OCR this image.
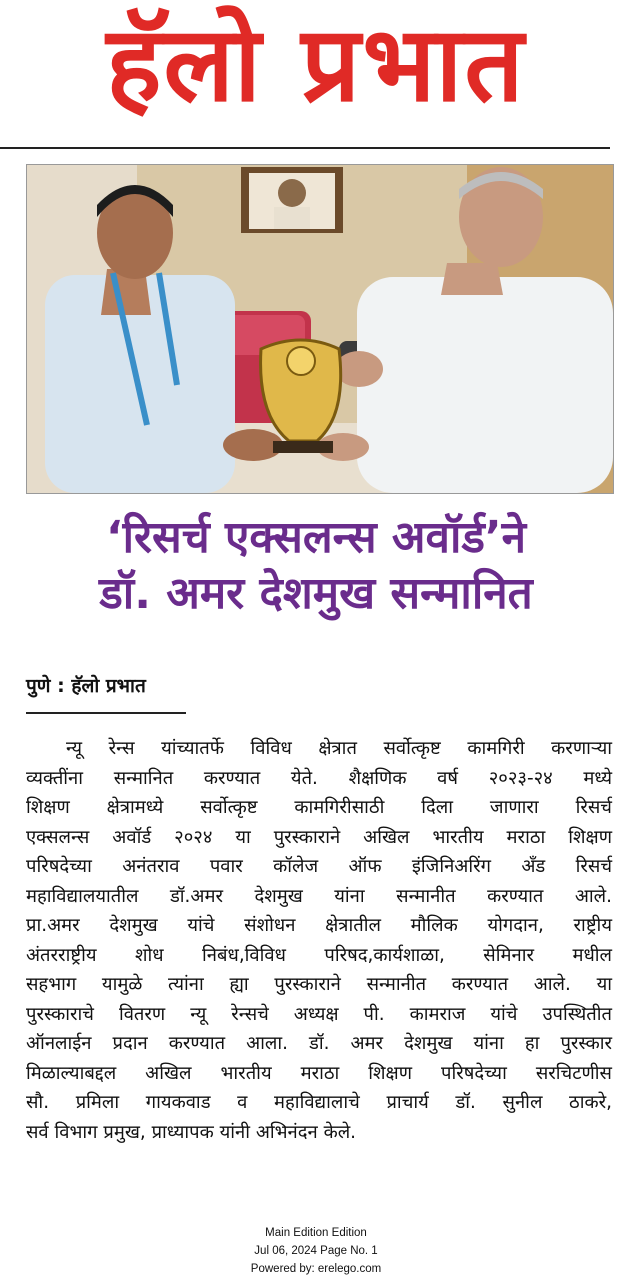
हॅलो प्रभात
‘रिसर्च एक्सलन्स अवॉर्ड’ने
डॉ. अमर देशमुख सन्मानित
पुणे : हॅलो प्रभात

न्यू रेन्स यांच्यातर्फे विविध क्षेत्रात सर्वोत्कृष्ट कामगिरी करणाऱ्या

व्यक्तींना सन्मानित करण्यात येते. शैक्षणिक वर्ष २०२३-२४ मध्ये

शिक्षण क्षेत्रामध्ये सर्वोत्कृष्ट कामगिरीसाठी दिला जाणारा रिसर्च

एक्सलन्स अवॉर्ड २०२४ या पुरस्काराने अखिल भारतीय मराठा शिक्षण

परिषदेच्या अनंतराव पवार कॉलेज ऑफ इंजिनिअरिंग अँड रिसर्च

महाविद्यालयातील डॉ.अमर देशमुख यांना सन्मानीत करण्यात आले.

प्रा.अमर देशमुख यांचे संशोधन क्षेत्रातील मौलिक योगदान, राष्ट्रीय

अंतरराष्ट्रीय शोध निबंध,विविध परिषद,कार्यशाळा, सेमिनार मधील

सहभाग यामुळे त्यांना ह्या पुरस्काराने सन्मानीत करण्यात आले. या

पुरस्काराचे वितरण न्यू रेन्सचे अध्यक्ष पी. कामराज यांचे उपस्थितीत

ऑनलाईन प्रदान करण्यात आला. डॉ. अमर देशमुख यांना हा पुरस्कार

मिळाल्याबद्दल अखिल भारतीय मराठा शिक्षण परिषदेच्या सरचिटणीस

सौ. प्रमिला गायकवाड व महाविद्यालाचे प्राचार्य डॉ. सुनील ठाकरे,

सर्व विभाग प्रमुख, प्राध्यापक यांनी अभिनंदन केले.

Main Edition Edition
Jul 06, 2024 Page No. 1
Powered by: erelego.com
